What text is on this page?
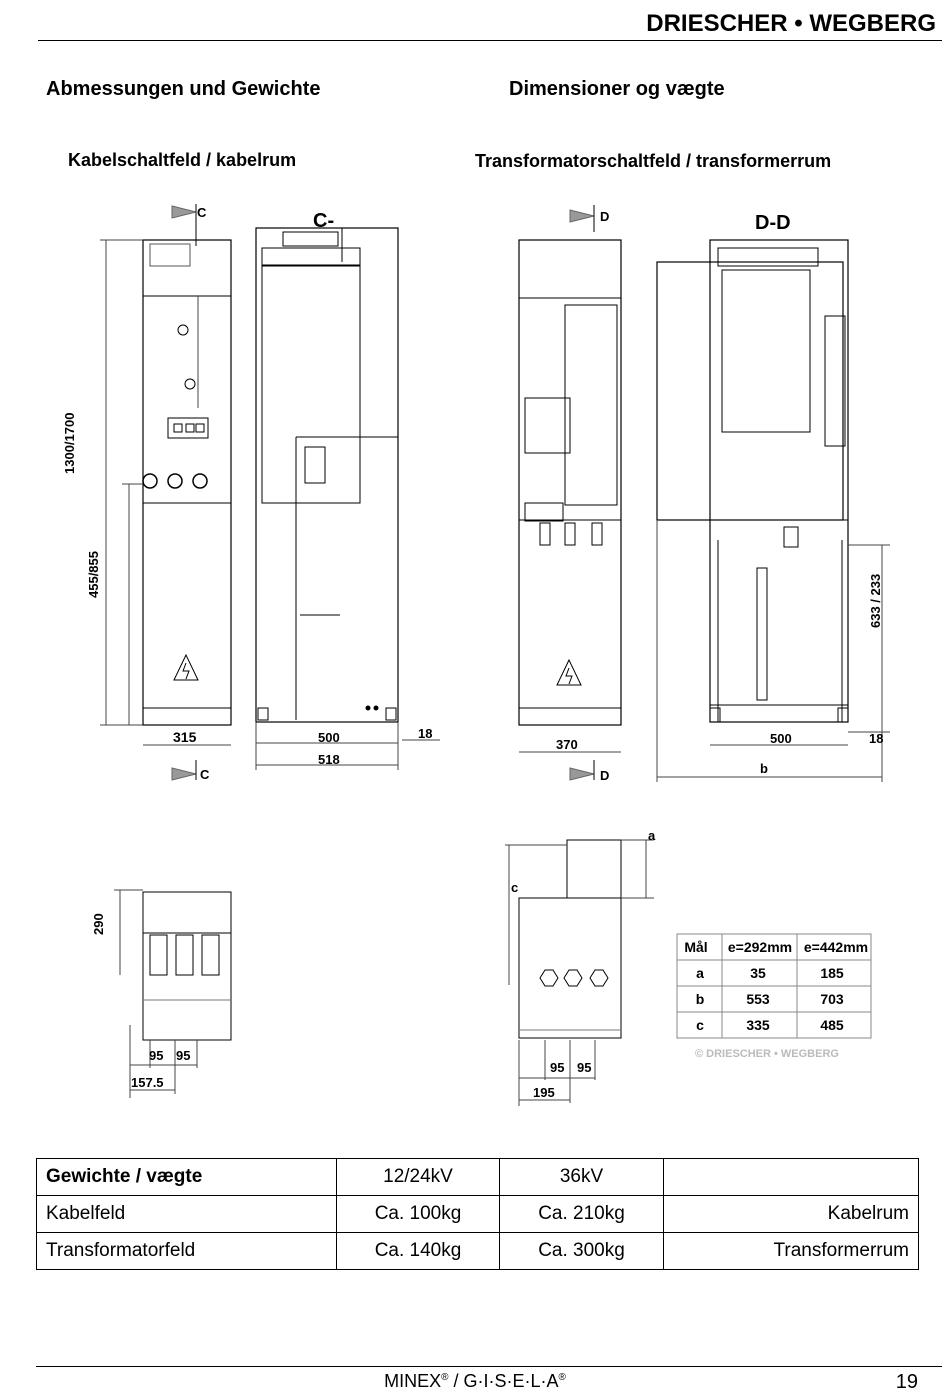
DRIESCHER • WEGBERG
Abmessungen und Gewichte	Dimensioner og vægte
Kabelschaltfeld / kabelrum	Transformatorschaltfeld / transformerrum
C
C
1300/1700
455/855
315
C-
500
518
18
D
D
370
D-D
500	18
b
633 / 233
290
95 95
157.5
a
c
95 95
195
Mål e=292mm e=442mm
a	35	185
b	553	703
c	335	485
© DRIESCHER • WEGBERG
Gewichte / vægte	12/24kV	36kV	
Kabelfeld	Ca. 100kg	Ca. 210kg	Kabelrum
Transformatorfeld	Ca. 140kg	Ca. 300kg	Transformerrum
MINEX® / G·I·S·E·L·A®	19
